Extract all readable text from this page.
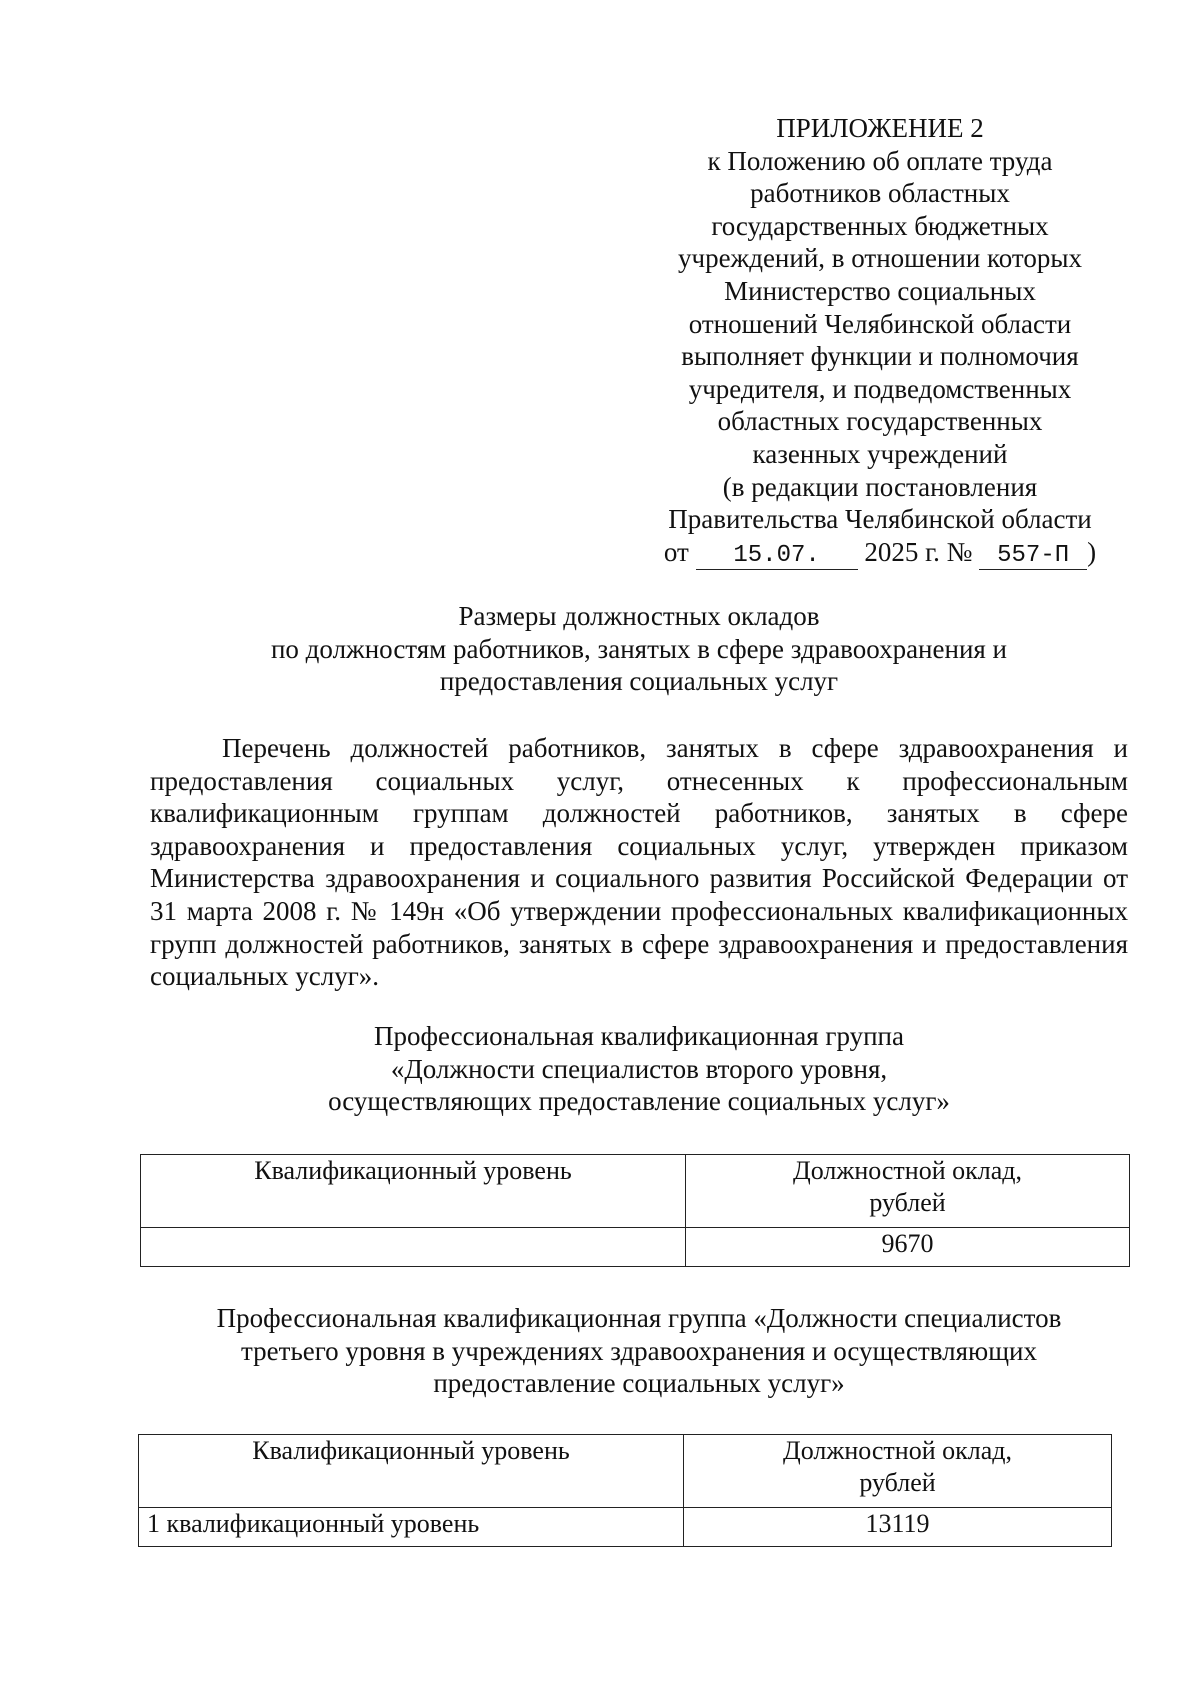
ПРИЛОЖЕНИЕ 2
к Положению об оплате труда
работников областных
государственных бюджетных
учреждений, в отношении которых
Министерство социальных
отношений Челябинской области
выполняет функции и полномочия
учредителя, и подведомственных
областных государственных
казенных учреждений
(в редакции постановления
Правительства Челябинской области
от 15.07. 2025 г. № 557-П )
Размеры должностных окладов
по должностям работников, занятых в сфере здравоохранения и
предоставления социальных услуг
Перечень должностей работников, занятых в сфере здравоохранения и предоставления социальных услуг, отнесенных к профессиональным квалификационным группам должностей работников, занятых в сфере здравоохранения и предоставления социальных услуг, утвержден приказом Министерства здравоохранения и социального развития Российской Федерации от 31 марта 2008 г. № 149н «Об утверждении профессиональных квалификационных групп должностей работников, занятых в сфере здравоохранения и предоставления социальных услуг».
Профессиональная квалификационная группа
«Должности специалистов второго уровня,
осуществляющих предоставление социальных услуг»
Квалификационный уровень	Должностной оклад,
рублей
	9670
Профессиональная квалификационная группа «Должности специалистов
третьего уровня в учреждениях здравоохранения и осуществляющих
предоставление социальных услуг»
Квалификационный уровень	Должностной оклад,
рублей
1 квалификационный уровень	13119
